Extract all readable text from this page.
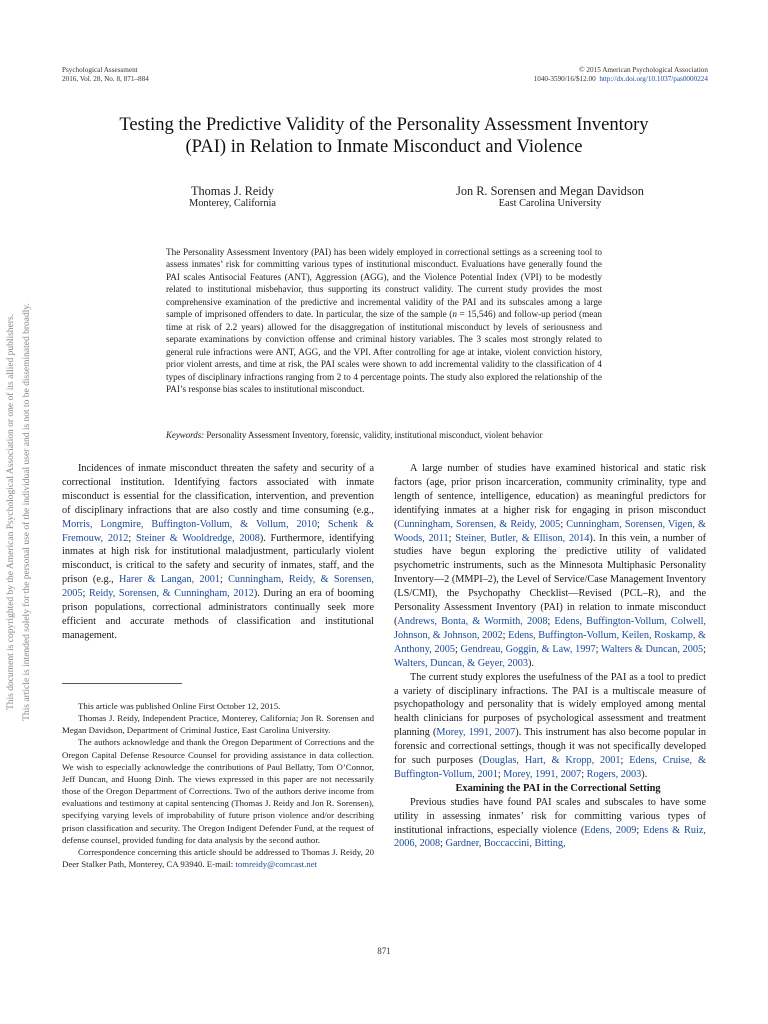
Psychological Assessment
2016, Vol. 28, No. 8, 871–884
© 2015 American Psychological Association
1040-3590/16/$12.00 http://dx.doi.org/10.1037/pas0000224
Testing the Predictive Validity of the Personality Assessment Inventory
(PAI) in Relation to Inmate Misconduct and Violence
Thomas J. Reidy
Monterey, California
Jon R. Sorensen and Megan Davidson
East Carolina University

The Personality Assessment Inventory (PAI) has been widely employed in correctional settings as a screening tool to assess inmates’ risk for committing various types of institutional misconduct. Evaluations have generally found the PAI scales Antisocial Features (ANT), Aggression (AGG), and the Violence Potential Index (VPI) to be modestly related to institutional misbehavior, thus supporting its construct validity. The current study provides the most comprehensive examination of the predictive and incremental validity of the PAI and its subscales among a large sample of imprisoned offenders to date. In particular, the size of the sample (n = 15,546) and follow-up period (mean time at risk of 2.2 years) allowed for the disaggregation of institutional misconduct by levels of seriousness and separate examinations by conviction offense and criminal history variables. The 3 scales most strongly related to general rule infractions were ANT, AGG, and the VPI. After controlling for age at intake, violent conviction history, prior violent arrests, and time at risk, the PAI scales were shown to add incremental validity to the classification of 4 types of disciplinary infractions ranging from 2 to 4 percentage points. The study also explored the relationship of the PAI’s response bias scales to institutional misconduct.

Keywords: Personality Assessment Inventory, forensic, validity, institutional misconduct, violent behavior

Incidences of inmate misconduct threaten the safety and security of a correctional institution. Identifying factors associated with inmate misconduct is essential for the classification, intervention, and prevention of disciplinary infractions that are also costly and time consuming (e.g., Morris, Longmire, Buffington-Vollum, & Vollum, 2010; Schenk & Fremouw, 2012; Steiner & Wooldredge, 2008). Furthermore, identifying inmates at high risk for institutional maladjustment, particularly violent misconduct, is critical to the safety and security of inmates, staff, and the prison (e.g., Harer & Langan, 2001; Cunningham, Reidy, & Sorensen, 2005; Reidy, Sorensen, & Cunningham, 2012). During an era of booming prison populations, correctional administrators continually seek more efficient and accurate methods of classification and institutional management.

This article was published Online First October 12, 2015.

Thomas J. Reidy, Independent Practice, Monterey, California; Jon R. Sorensen and Megan Davidson, Department of Criminal Justice, East Carolina University.

The authors acknowledge and thank the Oregon Department of Corrections and the Oregon Capital Defense Resource Counsel for providing assistance in data collection. We wish to especially acknowledge the contributions of Paul Bellatty, Tom O’Connor, Jeff Duncan, and Huong Dinh. The views expressed in this paper are not necessarily those of the Oregon Department of Corrections. Two of the authors derive income from evaluations and testimony at capital sentencing (Thomas J. Reidy and Jon R. Sorensen), specifying varying levels of improbability of future prison violence and/or describing prison classification and security. The Oregon Indigent Defender Fund, at the request of defense counsel, provided funding for data analysis by the second author.

Correspondence concerning this article should be addressed to Thomas J. Reidy, 20 Deer Stalker Path, Monterey, CA 93940. E-mail: tomreidy@comcast.net

A large number of studies have examined historical and static risk factors (age, prior prison incarceration, community criminality, type and length of sentence, intelligence, education) as meaningful predictors for identifying inmates at a higher risk for engaging in prison misconduct (Cunningham, Sorensen, & Reidy, 2005; Cunningham, Sorensen, Vigen, & Woods, 2011; Steiner, Butler, & Ellison, 2014). In this vein, a number of studies have begun exploring the predictive utility of validated psychometric instruments, such as the Minnesota Multiphasic Personality Inventory—2 (MMPI–2), the Level of Service/Case Management Inventory (LS/CMI), the Psychopathy Checklist—Revised (PCL–R), and the Personality Assessment Inventory (PAI) in relation to inmate misconduct (Andrews, Bonta, & Wormith, 2008; Edens, Buffington-Vollum, Colwell, Johnson, & Johnson, 2002; Edens, Buffington-Vollum, Keilen, Roskamp, & Anthony, 2005; Gendreau, Goggin, & Law, 1997; Walters & Duncan, 2005; Walters, Duncan, & Geyer, 2003).

The current study explores the usefulness of the PAI as a tool to predict a variety of disciplinary infractions. The PAI is a multiscale measure of psychopathology and personality that is widely employed among mental health clinicians for purposes of psychological assessment and treatment planning (Morey, 1991, 2007). This instrument has also become popular in forensic and correctional settings, though it was not specifically developed for such purposes (Douglas, Hart, & Kropp, 2001; Edens, Cruise, & Buffington-Vollum, 2001; Morey, 1991, 2007; Rogers, 2003).

Examining the PAI in the Correctional Setting

Previous studies have found PAI scales and subscales to have some utility in assessing inmates’ risk for committing various types of institutional infractions, especially violence (Edens, 2009; Edens & Ruiz, 2006, 2008; Gardner, Boccaccini, Bitting,

871
This document is copyrighted by the American Psychological Association or one of its allied publishers. This article is intended solely for the personal use of the individual user and is not to be disseminated broadly.
